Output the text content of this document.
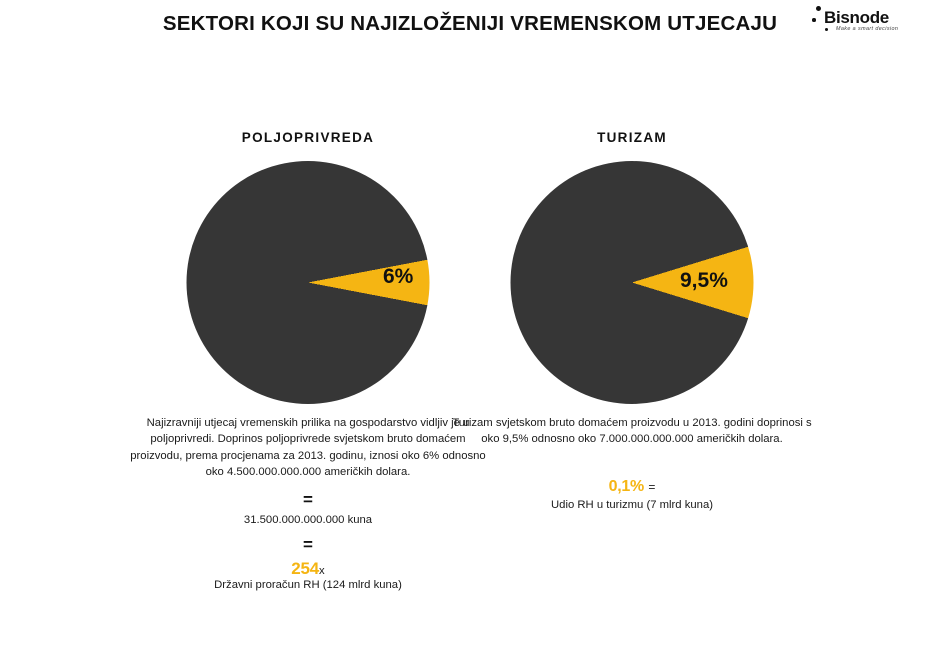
SEKTORI KOJI SU NAJIZLOŽENIJI VREMENSKOM UTJECAJU	Bisnode
Make a smart decision
POLJOPRIVREDA
6%
Najizravniji utjecaj vremenskih prilika na gospodarstvo vidljiv je u poljoprivredi. Doprinos poljoprivrede svjetskom bruto domaćem proizvodu, prema procjenama za 2013. godinu, iznosi oko 6% odnosno oko 4.500.000.000.000 američkih dolara.
=
31.500.000.000.000 kuna
=
254x
Državni proračun RH (124 mlrd kuna)
TURIZAM
9,5%
Turizam svjetskom bruto domaćem proizvodu u 2013. godini doprinosi s oko 9,5% odnosno oko 7.000.000.000.000 američkih dolara.
0,1% =
Udio RH u turizmu (7 mlrd kuna)
